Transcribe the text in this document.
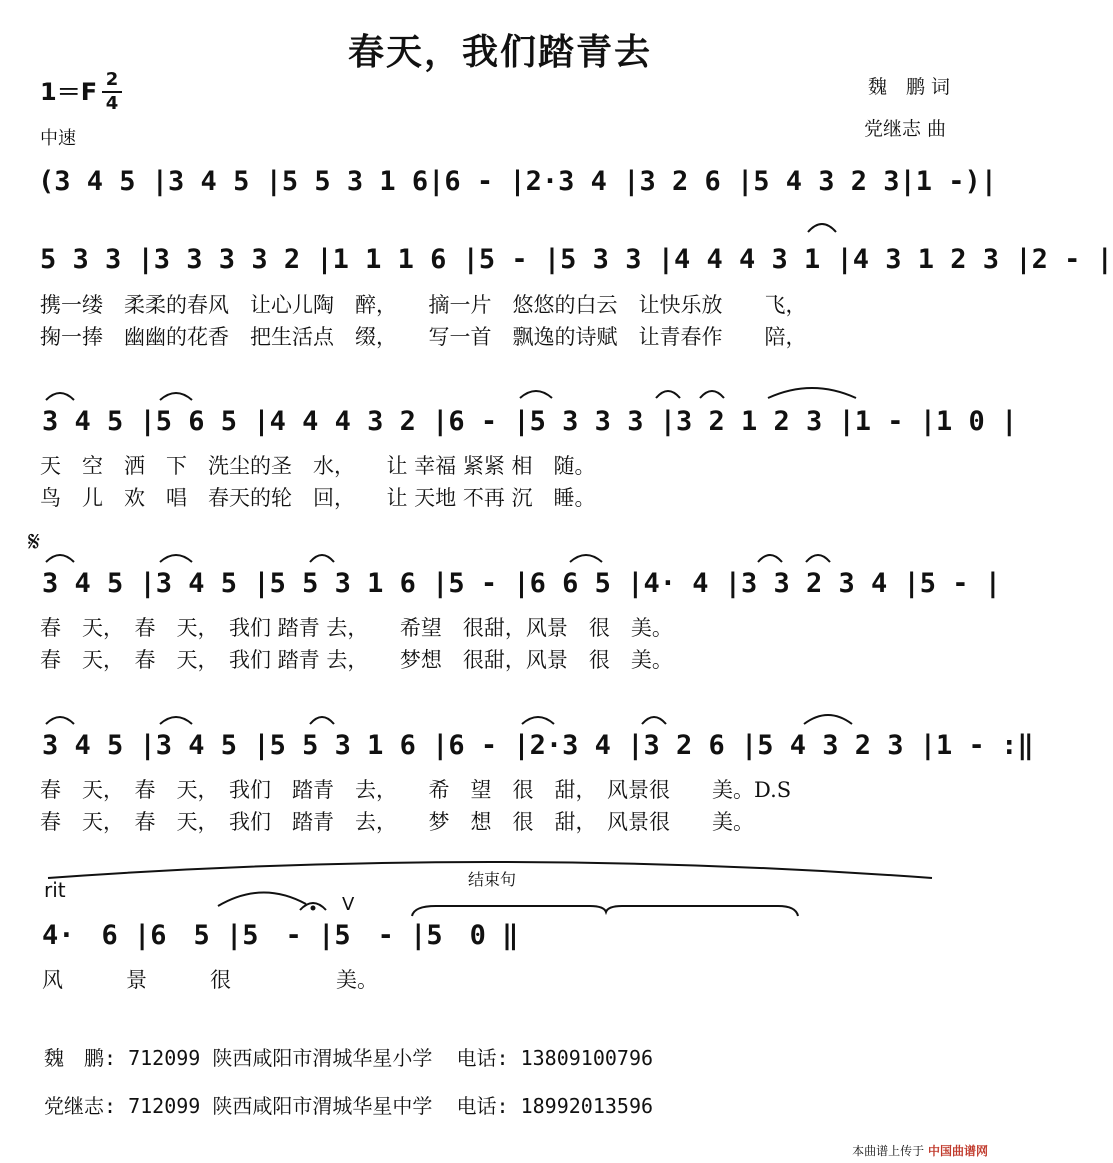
春天，我们踏青去
1＝F 2
4
中速
魏　鹏 词
党继志 曲
(3 4 5 |3 4 5 |5 5 3 1 6|6 - |2·3 4 |3 2 6 |5 4 3 2 3|1 -)|
5 3 3 |3 3 3 3 2 |1 1 1 6 |5 - |5 3 3 |4 4 4 3 1 |4 3 1 2 3 |2 - |
携一缕　柔柔的春风　让心儿陶　醉，　　摘一片　悠悠的白云　让快乐放　　飞，
掬一捧　幽幽的花香　把生活点　缀，　　写一首　飘逸的诗赋　让青春作　　陪，
3 4 5 |5 6 5 |4 4 4 3 2 |6 - |5 3 3 3 |3 2 1 2 3 |1 - |1 0 |
天　空　洒　下　洗尘的圣　水，　　让 幸福 紧紧 相　随。
鸟　儿　欢　唱　春天的轮　回，　　让 天地 不再 沉　睡。
𝄋
3 4 5 |3 4 5 |5 5 3 1 6 |5 - |6 6 5 |4· 4 |3 3 2 3 4 |5 - |
春　天，　春　天，　我们 踏青 去，　　希望　很甜，风景　很　美。
春　天，　春　天，　我们 踏青 去，　　梦想　很甜，风景　很　美。
3 4 5 |3 4 5 |5 5 3 1 6 |6 - |2·3 4 |3 2 6 |5 4 3 2 3 |1 - :‖
春　天，　春　天，　我们　踏青　去，　　希　望　很　甜，　风景很　　美。D.S
春　天，　春　天，　我们　踏青　去，　　梦　想　很　甜，　风景很　　美。
rit	结束句
V
4·　6 |6　5 |5　- |5　- |5　0 ‖
风　　　景　　　很　　　　　美。
魏　鹏: 712099 陕西咸阳市渭城华星小学 电话: 13809100796
党继志: 712099 陕西咸阳市渭城华星中学 电话: 18992013596
本曲谱上传于 中国曲谱网
